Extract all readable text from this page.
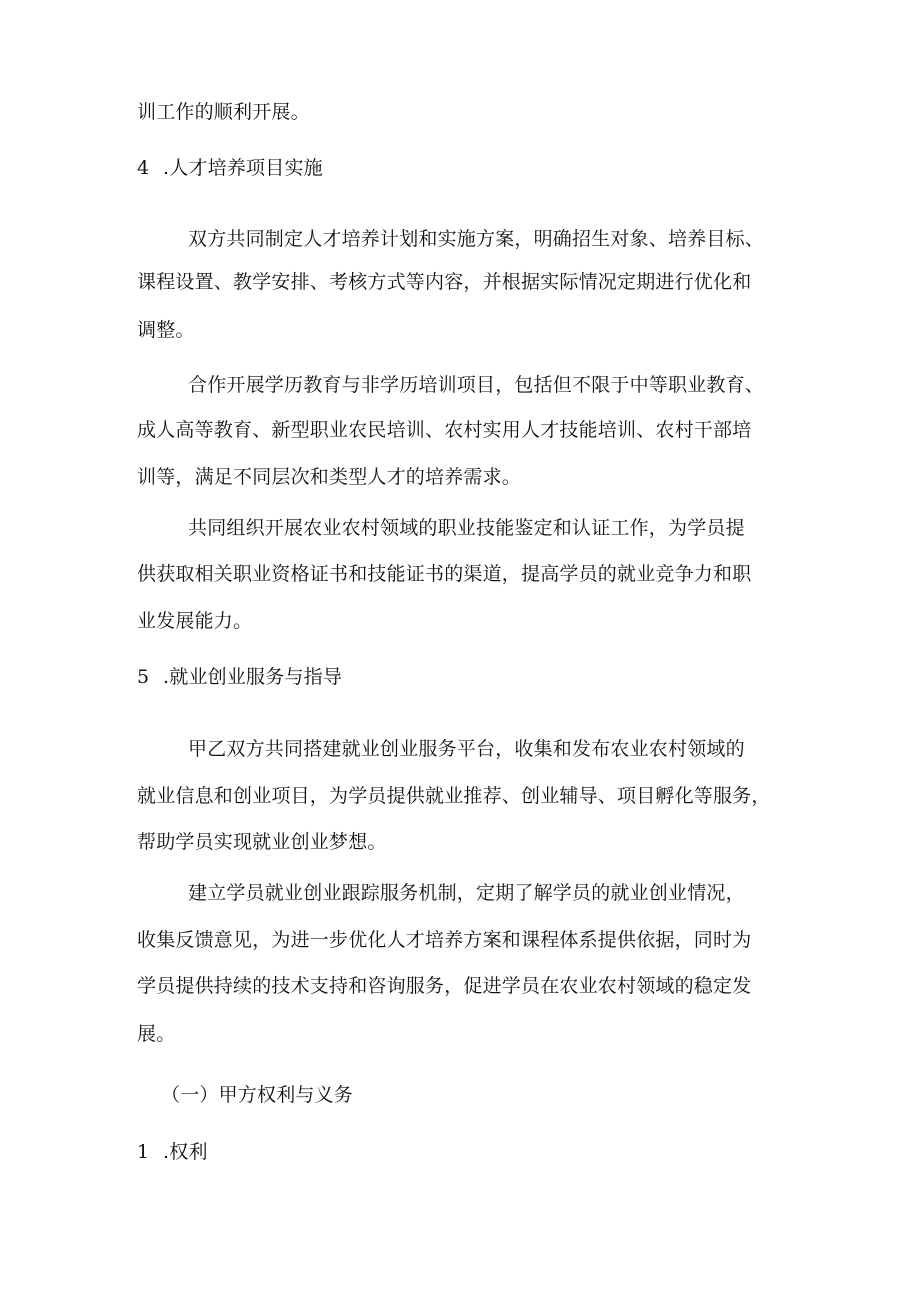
训工作的顺利开展。
4 .人才培养项目实施
双方共同制定人才培养计划和实施方案，明确招生对象、培养目标、
课程设置、教学安排、考核方式等内容，并根据实际情况定期进行优化和
调整。
合作开展学历教育与非学历培训项目，包括但不限于中等职业教育、
成人高等教育、新型职业农民培训、农村实用人才技能培训、农村干部培
训等，满足不同层次和类型人才的培养需求。
共同组织开展农业农村领域的职业技能鉴定和认证工作，为学员提
供获取相关职业资格证书和技能证书的渠道，提高学员的就业竞争力和职
业发展能力。
5 .就业创业服务与指导
甲乙双方共同搭建就业创业服务平台，收集和发布农业农村领域的
就业信息和创业项目，为学员提供就业推荐、创业辅导、项目孵化等服务，
帮助学员实现就业创业梦想。
建立学员就业创业跟踪服务机制，定期了解学员的就业创业情况，
收集反馈意见，为进一步优化人才培养方案和课程体系提供依据，同时为
学员提供持续的技术支持和咨询服务，促进学员在农业农村领域的稳定发
展。
（一）甲方权利与义务
1 .权利
